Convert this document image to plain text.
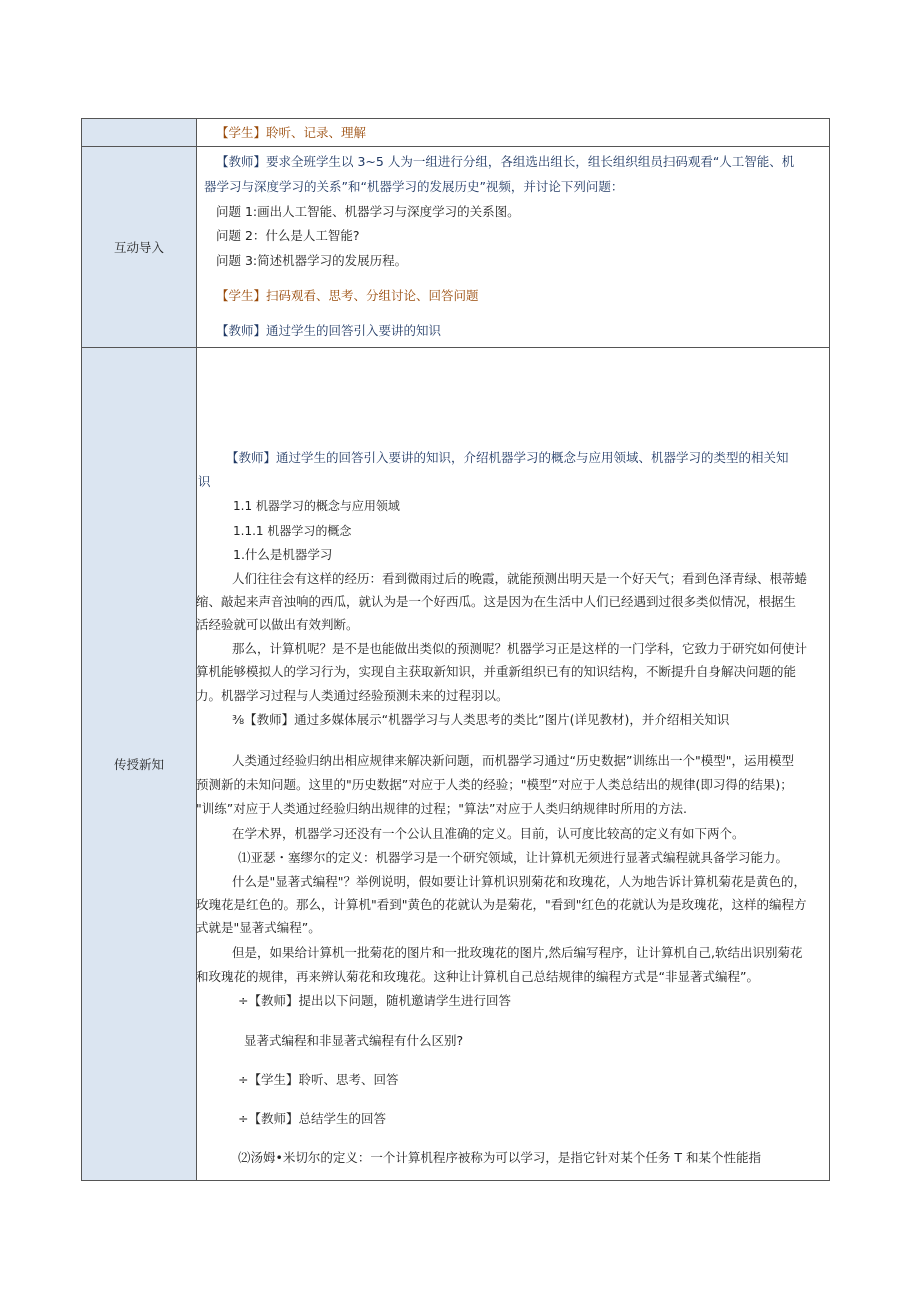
【学生】聆听、记录、理解
互动导入
【教师】要求全班学生以 3~5 人为一组进行分组，各组选出组长，组长组织组员扫码观看“人工智能、机
器学习与深度学习的关系”和“机器学习的发展历史”视频，并讨论下列问题：
问题 1:画出人工智能、机器学习与深度学习的关系图。
问题 2：什么是人工智能?
问题 3:简述机器学习的发展历程。
【学生】扫码观看、思考、分组讨论、回答问题
【教师】通过学生的回答引入要讲的知识
传授新知
【教师】通过学生的回答引入要讲的知识，介绍机器学习的概念与应用领域、机器学习的类型的相关知
识
1.1 机器学习的概念与应用领域
1.1.1 机器学习的概念
1.什么是机器学习
人们往往会有这样的经历：看到微雨过后的晚霞，就能预测出明天是一个好天气；看到色泽青绿、根蒂蜷
缩、敲起来声音浊响的西瓜，就认为是一个好西瓜。这是因为在生活中人们已经遇到过很多类似情况，根据生
活经验就可以做出有效判断。
那么，计算机呢？是不是也能做出类似的预测呢？机器学习正是这样的一门学科，它致力于研究如何使计
算机能够模拟人的学习行为，实现自主获取新知识，并重新组织已有的知识结构，不断提升自身解决问题的能
力。机器学习过程与人类通过经验预测未来的过程羽以。
⅜【教师】通过多媒体展示“机器学习与人类思考的类比”图片(详见教材)，并介绍相关知识
人类通过经验归纳出相应规律来解决新问题，而机器学习通过“历史数据”训练出一个"模型"，运用模型
预测新的未知问题。这里的"历史数据”对应于人类的经验；"模型”对应于人类总结出的规律(即习得的结果)；
"训练”对应于人类通过经验归纳出规律的过程；"算法”对应于人类归纳规律时所用的方法.
在学术界，机器学习还没有一个公认且准确的定义。目前，认可度比较高的定义有如下两个。
⑴亚瑟・塞缪尔的定义：机器学习是一个研究领域，让计算机无须进行显著式编程就具备学习能力。
什么是"显著式编程"？举例说明，假如要让计算机识别菊花和玫瑰花，人为地告诉计算机菊花是黄色的，
玫瑰花是红色的。那么，计算机"看到"黄色的花就认为是菊花，"看到"红色的花就认为是玫瑰花，这样的编程方
式就是"显著式编程”。
但是，如果给计算机一批菊花的图片和一批玫瑰花的图片,然后编写程序，让计算机自己,软结出识别菊花
和玫瑰花的规律，再来辨认菊花和玫瑰花。这种让计算机自己总结规律的编程方式是“非显著式编程”。
÷【教师】提出以下问题，随机邀请学生进行回答
显著式编程和非显著式编程有什么区别?
÷【学生】聆听、思考、回答
÷【教师】总结学生的回答
⑵汤姆•米切尔的定义：一个计算机程序被称为可以学习，是指它针对某个任务 T 和某个性能指
